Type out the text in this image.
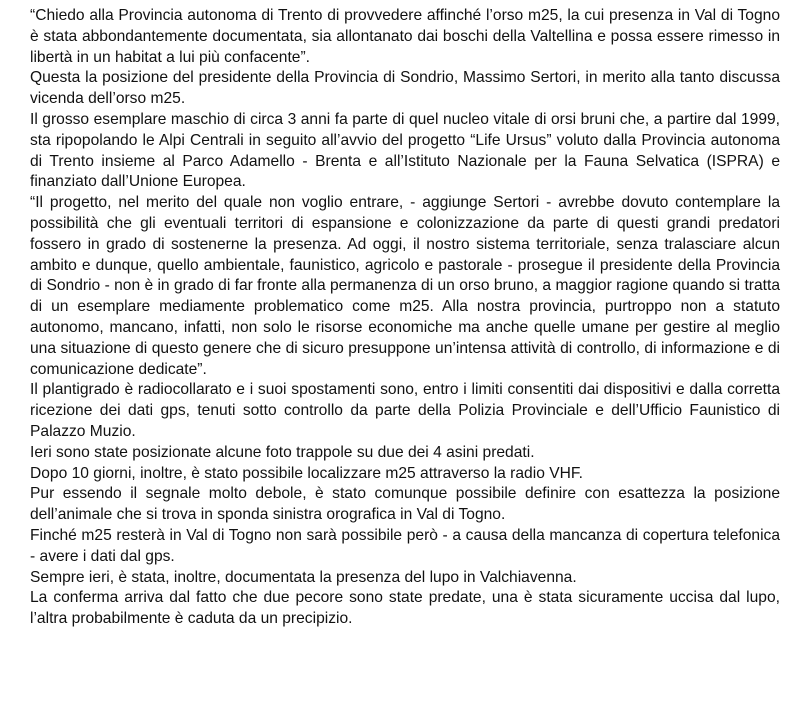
“Chiedo alla Provincia autonoma di Trento di provvedere affinché l’orso m25, la cui presenza in Val di Togno è stata abbondantemente documentata, sia allontanato dai boschi della Valtellina e possa essere rimesso in libertà in un habitat a lui più confacente”.

Questa la posizione del presidente della Provincia di Sondrio, Massimo Sertori, in merito alla tanto discussa vicenda dell’orso m25.

Il grosso esemplare maschio di circa 3 anni fa parte di quel nucleo vitale di orsi bruni che, a partire dal 1999, sta ripopolando le Alpi Centrali in seguito all’avvio del progetto “Life Ursus” voluto dalla Provincia autonoma di Trento insieme al Parco Adamello - Brenta e all’Istituto Nazionale per la Fauna Selvatica (ISPRA) e finanziato dall’Unione Europea.

“Il progetto, nel merito del quale non voglio entrare, - aggiunge Sertori - avrebbe dovuto contemplare la possibilità che gli eventuali territori di espansione e colonizzazione da parte di questi grandi predatori fossero in grado di sostenerne la presenza. Ad oggi, il nostro sistema territoriale, senza tralasciare alcun ambito e dunque, quello ambientale, faunistico, agricolo e pastorale - prosegue il presidente della Provincia di Sondrio - non è in grado di far fronte alla permanenza di un orso bruno, a maggior ragione quando si tratta di un esemplare mediamente problematico come m25. Alla nostra provincia, purtroppo non a statuto autonomo, mancano, infatti, non solo le risorse economiche ma anche quelle umane per gestire al meglio una situazione di questo genere che di sicuro presuppone un’intensa attività di controllo, di informazione e di comunicazione dedicate”.

Il plantigrado è radiocollarato e i suoi spostamenti sono, entro i limiti consentiti dai dispositivi e dalla corretta ricezione dei dati gps, tenuti sotto controllo da parte della Polizia Provinciale e dell’Ufficio Faunistico di Palazzo Muzio.

Ieri sono state posizionate alcune foto trappole su due dei 4 asini predati.

Dopo 10 giorni, inoltre, è stato possibile localizzare m25 attraverso la radio VHF.

Pur essendo il segnale molto debole, è stato comunque possibile definire con esattezza la posizione dell’animale che si trova in sponda sinistra orografica in Val di Togno.

Finché m25 resterà in Val di Togno non sarà possibile però - a causa della mancanza di copertura telefonica - avere i dati dal gps.

Sempre ieri, è stata, inoltre, documentata la presenza del lupo in Valchiavenna.

La conferma arriva dal fatto che due pecore sono state predate, una è stata sicuramente uccisa dal lupo, l’altra probabilmente è caduta da un precipizio.
